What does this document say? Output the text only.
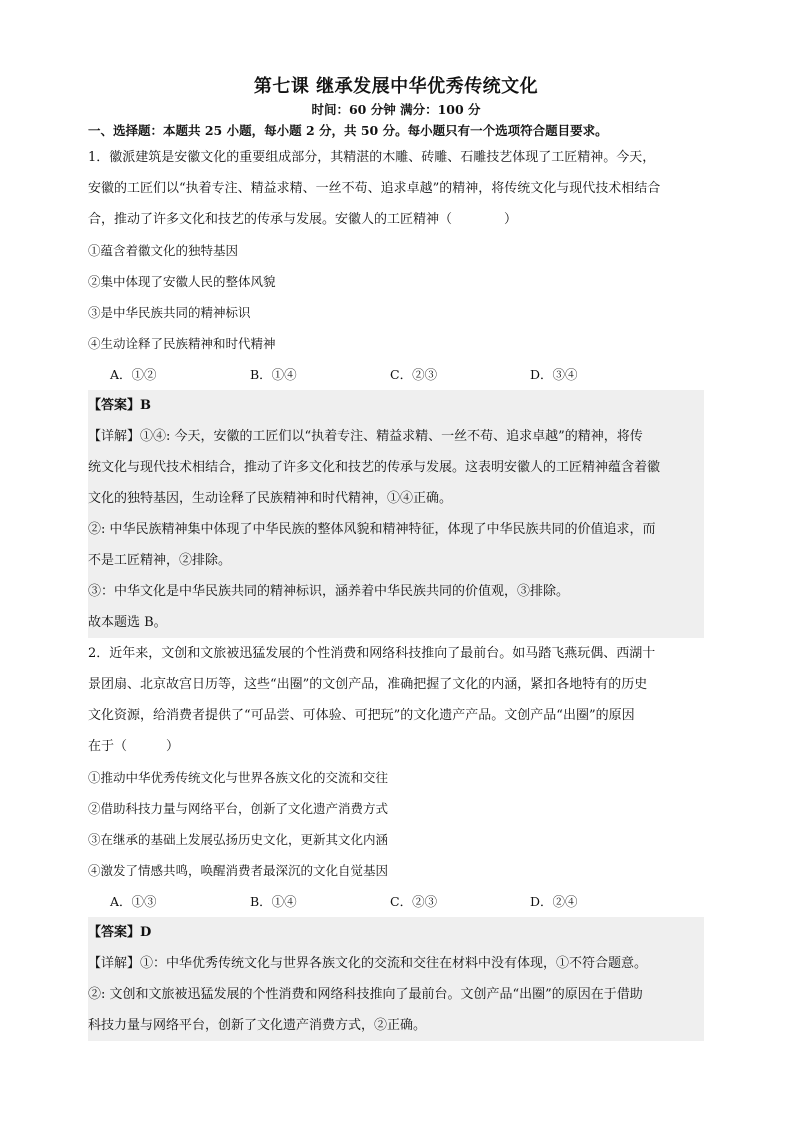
第七课 继承发展中华优秀传统文化

时间：60 分钟 满分：100 分

一、选择题：本题共 25 小题，每小题 2 分，共 50 分。每小题只有一个选项符合题目要求。

1．徽派建筑是安徽文化的重要组成部分，其精湛的木雕、砖雕、石雕技艺体现了工匠精神。今天，

安徽的工匠们以“执着专注、精益求精、一丝不苟、追求卓越”的精神，将传统文化与现代技术相结合

合，推动了许多文化和技艺的传承与发展。安徽人的工匠精神（　　　　）

①蕴含着徽文化的独特基因

②集中体现了安徽人民的整体风貌

③是中华民族共同的精神标识

④生动诠释了民族精神和时代精神

A．①②	B．①④	C．②③	D．③④

【答案】B

【详解】①④: 今天，安徽的工匠们以“执着专注、精益求精、一丝不苟、追求卓越”的精神，将传

统文化与现代技术相结合，推动了许多文化和技艺的传承与发展。这表明安徽人的工匠精神蕴含着徽

文化的独特基因，生动诠释了民族精神和时代精神，①④正确。

②: 中华民族精神集中体现了中华民族的整体风貌和精神特征，体现了中华民族共同的价值追求，而

不是工匠精神，②排除。

③：中华文化是中华民族共同的精神标识，涵养着中华民族共同的价值观，③排除。

故本题选 B。

2．近年来，文创和文旅被迅猛发展的个性消费和网络科技推向了最前台。如马踏飞燕玩偶、西湖十

景团扇、北京故宫日历等，这些“出圈”的文创产品，准确把握了文化的内涵，紧扣各地特有的历史

文化资源，给消费者提供了“可品尝、可体验、可把玩”的文化遗产产品。文创产品“出圈”的原因

在于（　　　）

①推动中华优秀传统文化与世界各族文化的交流和交往

②借助科技力量与网络平台，创新了文化遗产消费方式

③在继承的基础上发展弘扬历史文化，更新其文化内涵

④激发了情感共鸣，唤醒消费者最深沉的文化自觉基因

A．①③	B．①④	C．②③	D．②④

【答案】D

【详解】①：中华优秀传统文化与世界各族文化的交流和交往在材料中没有体现，①不符合题意。

②: 文创和文旅被迅猛发展的个性消费和网络科技推向了最前台。文创产品“出圈”的原因在于借助

科技力量与网络平台，创新了文化遗产消费方式，②正确。
